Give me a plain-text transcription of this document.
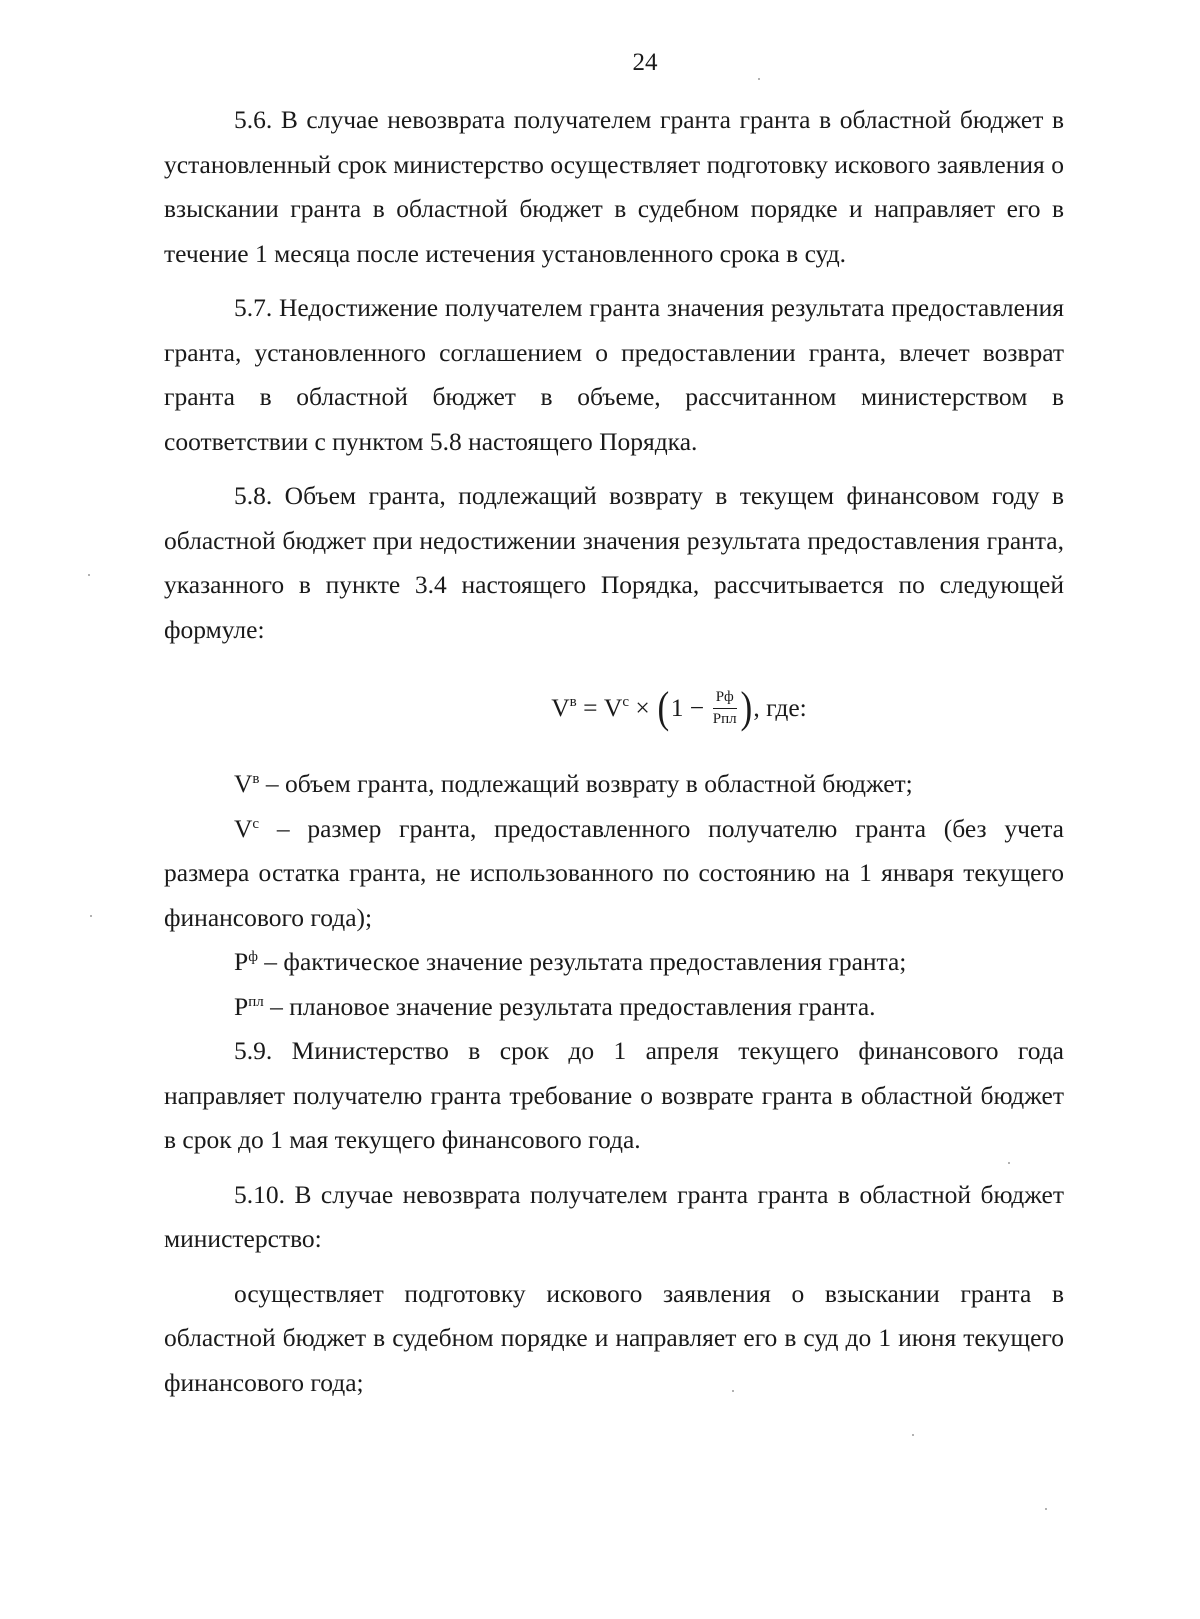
24

5.6. В случае невозврата получателем гранта гранта в областной бюджет в установленный срок министерство осуществляет подготовку искового заявления о взыскании гранта в областной бюджет в судебном порядке и направляет его в течение 1 месяца после истечения установленного срока в суд.

5.7. Недостижение получателем гранта значения результата предоставления гранта, установленного соглашением о предоставлении гранта, влечет возврат гранта в областной бюджет в объеме, рассчитанном министерством в соответствии с пунктом 5.8 настоящего Порядка.

5.8. Объем гранта, подлежащий возврату в текущем финансовом году в областной бюджет при недостижении значения результата предоставления гранта, указанного в пункте 3.4 настоящего Порядка, рассчитывается по следующей формуле:

$V^в = V^с \times (1 - \frac{Pф}{\text{Pпл}}$ ), где:

$V^в$ – объем гранта, подлежащий возврату в областной бюджет;

$V^с$ – размер гранта, предоставленного получателю гранта (без учета размера остатка гранта, не использованного по состоянию на 1 января текущего финансового года);

$P^ф$ – фактическое значение результата предоставления гранта;

$P^{пл}$ – плановое значение результата предоставления гранта.

5.9. Министерство в срок до 1 апреля текущего финансового года направляет получателю гранта требование о возврате гранта в областной бюджет в срок до 1 мая текущего финансового года.

5.10. В случае невозврата получателем гранта гранта в областной бюджет министерство:

осуществляет подготовку искового заявления о взыскании гранта в областной бюджет в судебном порядке и направляет его в суд до 1 июня текущего финансового года;
